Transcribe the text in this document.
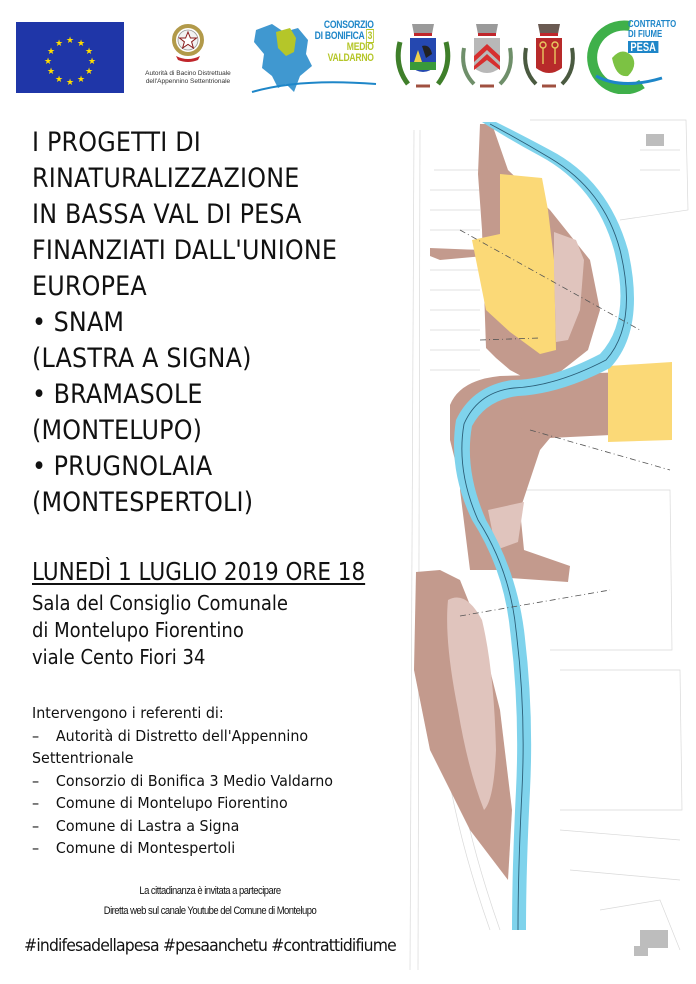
★ ★
★
★
★
★
★
★
★
★
★
★
Autorità di Bacino Distrettuale
dell'Appennino Settentrionale
CONSORZIO
DI BONIFICA 3
MEDIO
VALDARNO
CONTRATTO
DI FIUME
PESA
I PROGETTI DI
RINATURALIZZAZIONE
IN BASSA VAL DI PESA
FINANZIATI DALL'UNIONE
EUROPEA
• SNAM
(LASTRA A SIGNA)
• BRAMASOLE
(MONTELUPO)
• PRUGNOLAIA
(MONTESPERTOLI)
LUNEDÌ 1 LUGLIO 2019 ORE 18
Sala del Consiglio Comunale
di Montelupo Fiorentino
viale Cento Fiori 34
Intervengono i referenti di:
– Autorità di Distretto dell'Appennino
Settentrionale
– Consorzio di Bonifica 3 Medio Valdarno
– Comune di Montelupo Fiorentino
– Comune di Lastra a Signa
– Comune di Montespertoli
La cittadinanza è invitata a partecipare
Diretta web sul canale Youtube del Comune di Montelupo
#indifesadellapesa #pesaanchetu #contrattidifiume
